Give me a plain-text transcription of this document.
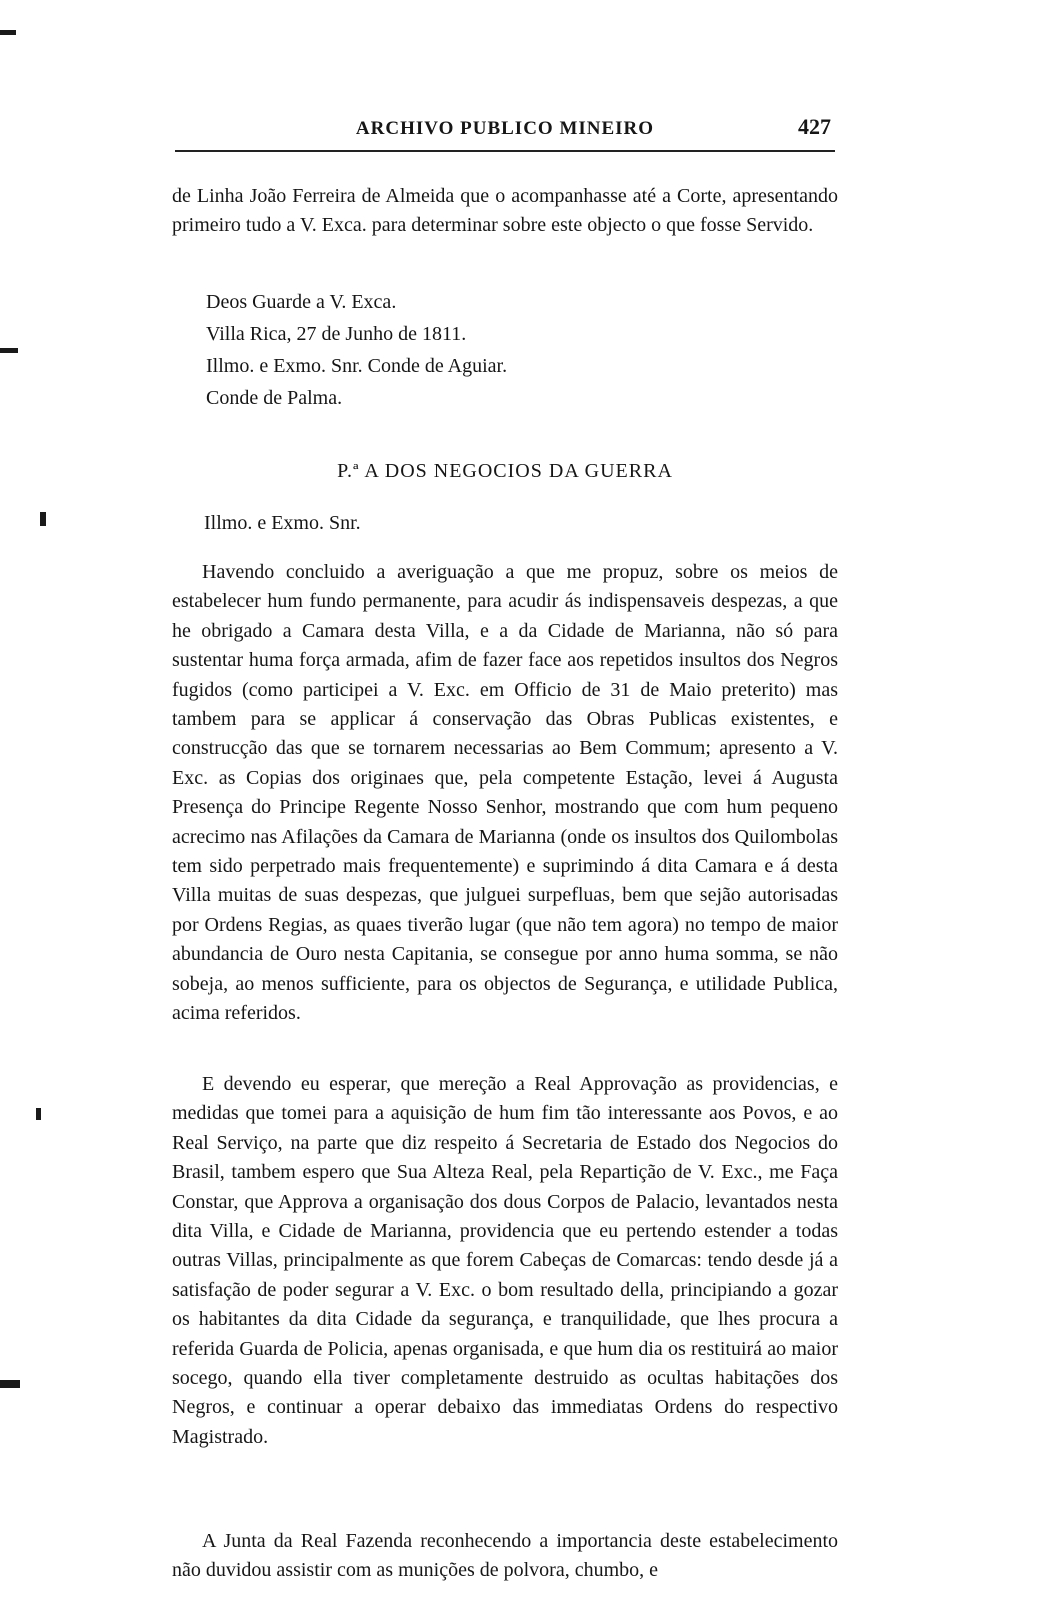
ARCHIVO PUBLICO MINEIRO	427

de Linha João Ferreira de Almeida que o acompanhasse até a Corte, apresentando primeiro tudo a V. Exca. para determinar sobre este objecto o que fosse Servido.

Deos Guarde a V. Exca.

Villa Rica, 27 de Junho de 1811.

Illmo. e Exmo. Snr. Conde de Aguiar.

Conde de Palma.

P.ª A DOS NEGOCIOS DA GUERRA

Illmo. e Exmo. Snr.

Havendo concluido a averiguação a que me propuz, sobre os meios de estabelecer hum fundo permanente, para acudir ás indispensaveis despezas, a que he obrigado a Camara desta Villa, e a da Cidade de Marianna, não só para sustentar huma força armada, afim de fazer face aos repetidos insultos dos Negros fugidos (como participei a V. Exc. em Officio de 31 de Maio preterito) mas tambem para se applicar á conservação das Obras Publicas existentes, e construcção das que se tornarem necessarias ao Bem Commum; apresento a V. Exc. as Copias dos originaes que, pela competente Estação, levei á Augusta Presença do Principe Regente Nosso Senhor, mostrando que com hum pequeno acrecimo nas Afilações da Camara de Marianna (onde os insultos dos Quilombolas tem sido perpetrado mais frequentemente) e suprimindo á dita Camara e á desta Villa muitas de suas despezas, que julguei surpefluas, bem que sejão autorisadas por Ordens Regias, as quaes tiverão lugar (que não tem agora) no tempo de maior abundancia de Ouro nesta Capitania, se consegue por anno huma somma, se não sobeja, ao menos sufficiente, para os objectos de Segurança, e utilidade Publica, acima referidos.

E devendo eu esperar, que mereção a Real Approvação as providencias, e medidas que tomei para a aquisição de hum fim tão interessante aos Povos, e ao Real Serviço, na parte que diz respeito á Secretaria de Estado dos Negocios do Brasil, tambem espero que Sua Alteza Real, pela Repartição de V. Exc., me Faça Constar, que Approva a organisação dos dous Corpos de Palacio, levantados nesta dita Villa, e Cidade de Marianna, providencia que eu pertendo estender a todas outras Villas, principalmente as que forem Cabeças de Comarcas: tendo desde já a satisfação de poder segurar a V. Exc. o bom resultado della, principiando a gozar os habitantes da dita Cidade da segurança, e tranquilidade, que lhes procura a referida Guarda de Policia, apenas organisada, e que hum dia os restituirá ao maior socego, quando ella tiver completamente destruido as ocultas habitações dos Negros, e continuar a operar debaixo das immediatas Ordens do respectivo Magistrado.

A Junta da Real Fazenda reconhecendo a importancia deste estabelecimento não duvidou assistir com as munições de polvora, chumbo, e
